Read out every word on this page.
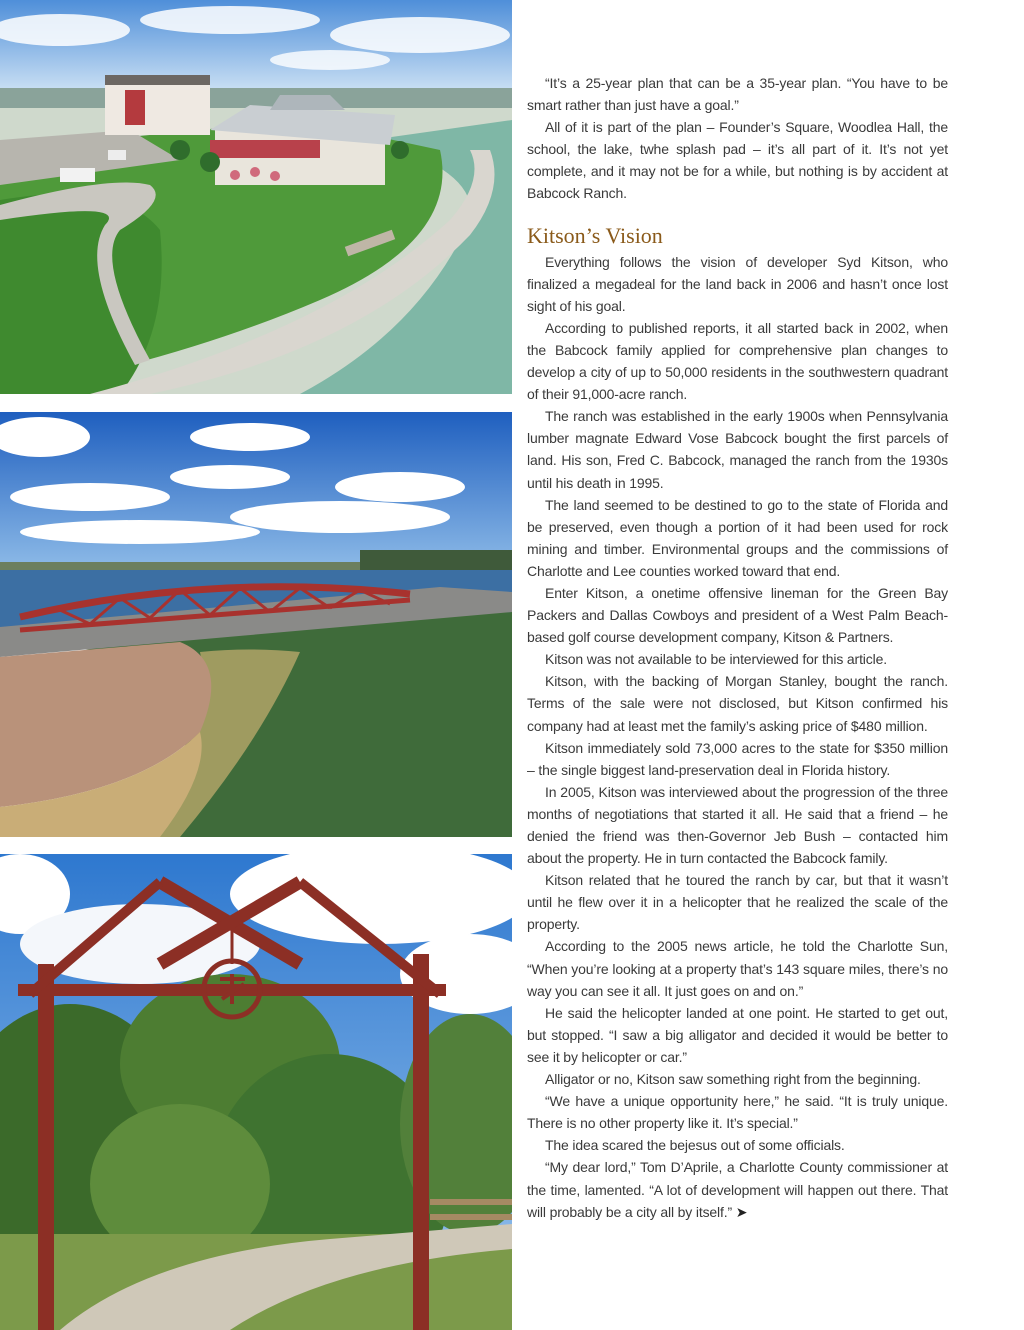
“It’s a 25-year plan that can be a 35-year plan. “You have to be smart rather than just have a goal.”

All of it is part of the plan – Founder’s Square, Woodlea Hall, the school, the lake, twhe splash pad – it’s all part of it. It’s not yet complete, and it may not be for a while, but nothing is by accident at Babcock Ranch.

Kitson’s Vision

Everything follows the vision of developer Syd Kitson, who finalized a megadeal for the land back in 2006 and hasn’t once lost sight of his goal.

According to published reports, it all started back in 2002, when the Babcock family applied for comprehensive plan changes to develop a city of up to 50,000 residents in the southwestern quadrant of their 91,000-acre ranch.

The ranch was established in the early 1900s when Pennsylvania lumber magnate Edward Vose Babcock bought the first parcels of land. His son, Fred C. Babcock, managed the ranch from the 1930s until his death in 1995.

The land seemed to be destined to go to the state of Florida and be preserved, even though a portion of it had been used for rock mining and timber. Environmental groups and the commissions of Charlotte and Lee counties worked toward that end.

Enter Kitson, a onetime offensive lineman for the Green Bay Packers and Dallas Cowboys and president of a West Palm Beach-based golf course development company, Kitson & Partners.

Kitson was not available to be interviewed for this article.

Kitson, with the backing of Morgan Stanley, bought the ranch. Terms of the sale were not disclosed, but Kitson confirmed his company had at least met the family’s asking price of $480 million.

Kitson immediately sold 73,000 acres to the state for $350 million – the single biggest land-preservation deal in Florida history.

In 2005, Kitson was interviewed about the progression of the three months of negotiations that started it all. He said that a friend – he denied the friend was then-Governor Jeb Bush – contacted him about the property. He in turn contacted the Babcock family.

Kitson related that he toured the ranch by car, but that it wasn’t until he flew over it in a helicopter that he realized the scale of the property.

According to the 2005 news article, he told the Charlotte Sun, “When you’re looking at a property that’s 143 square miles, there’s no way you can see it all. It just goes on and on.”

He said the helicopter landed at one point. He started to get out, but stopped. “I saw a big alligator and decided it would be better to see it by helicopter or car.”

Alligator or no, Kitson saw something right from the beginning.

“We have a unique opportunity here,” he said. “It is truly unique. There is no other property like it. It’s special.”

The idea scared the bejesus out of some officials.

“My dear lord,” Tom D’Aprile, a Charlotte County commissioner at the time, lamented. “A lot of development will happen out there. That will probably be a city all by itself.” ➤
